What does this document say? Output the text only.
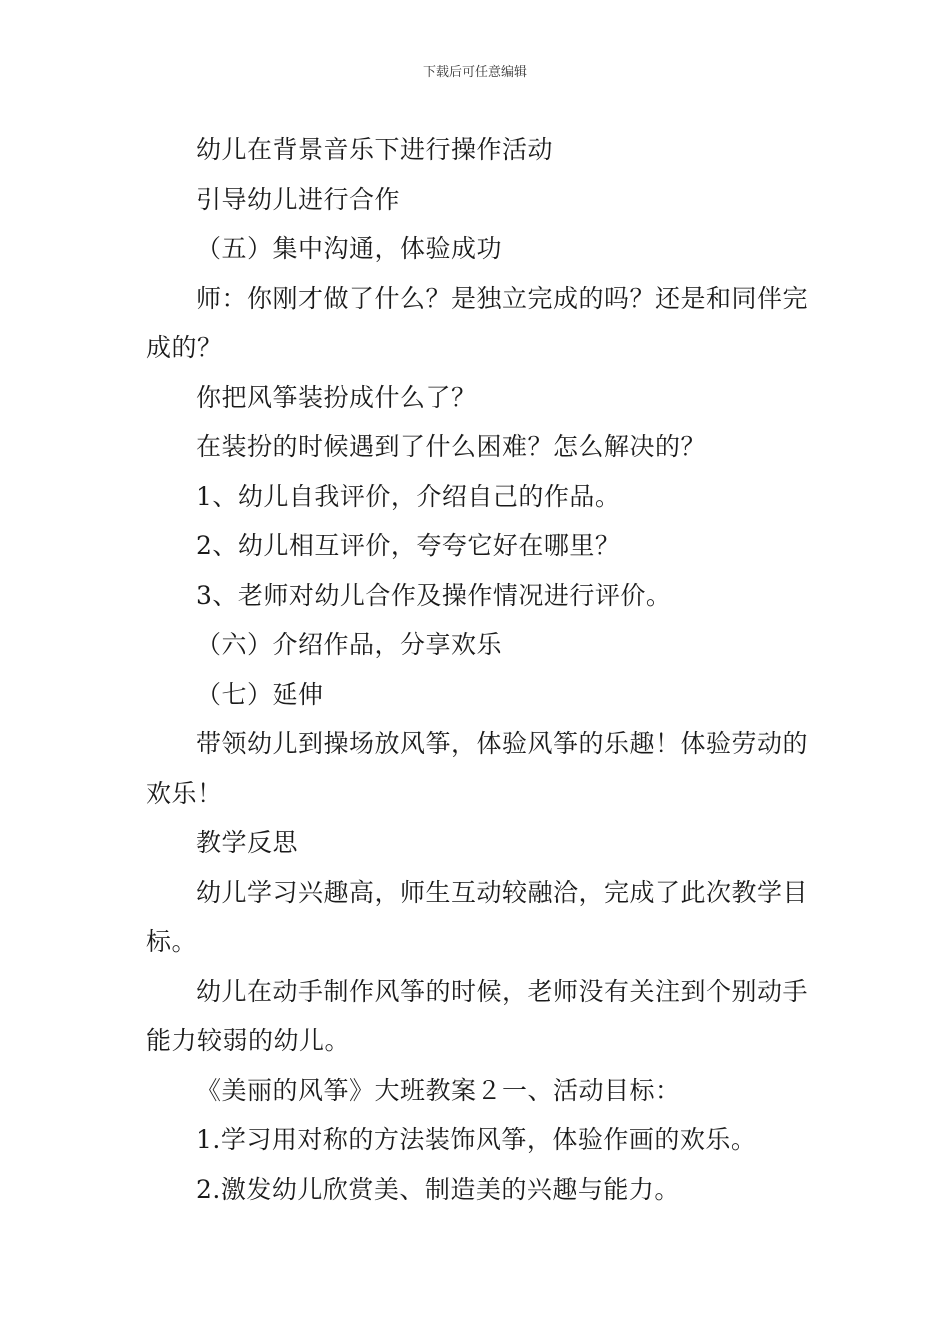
下载后可任意编辑

幼儿在背景音乐下进行操作活动

引导幼儿进行合作

（五）集中沟通，体验成功

师：你刚才做了什么？是独立完成的吗？还是和同伴完成的？

你把风筝装扮成什么了？

在装扮的时候遇到了什么困难？怎么解决的？

1、幼儿自我评价，介绍自己的作品。

2、幼儿相互评价，夸夸它好在哪里？

3、老师对幼儿合作及操作情况进行评价。

（六）介绍作品，分享欢乐

（七）延伸

带领幼儿到操场放风筝，体验风筝的乐趣！体验劳动的欢乐！

教学反思

幼儿学习兴趣高，师生互动较融洽，完成了此次教学目标。

幼儿在动手制作风筝的时候，老师没有关注到个别动手能力较弱的幼儿。

《美丽的风筝》大班教案２一、活动目标：

1.学习用对称的方法装饰风筝，体验作画的欢乐。

2.激发幼儿欣赏美、制造美的兴趣与能力。
